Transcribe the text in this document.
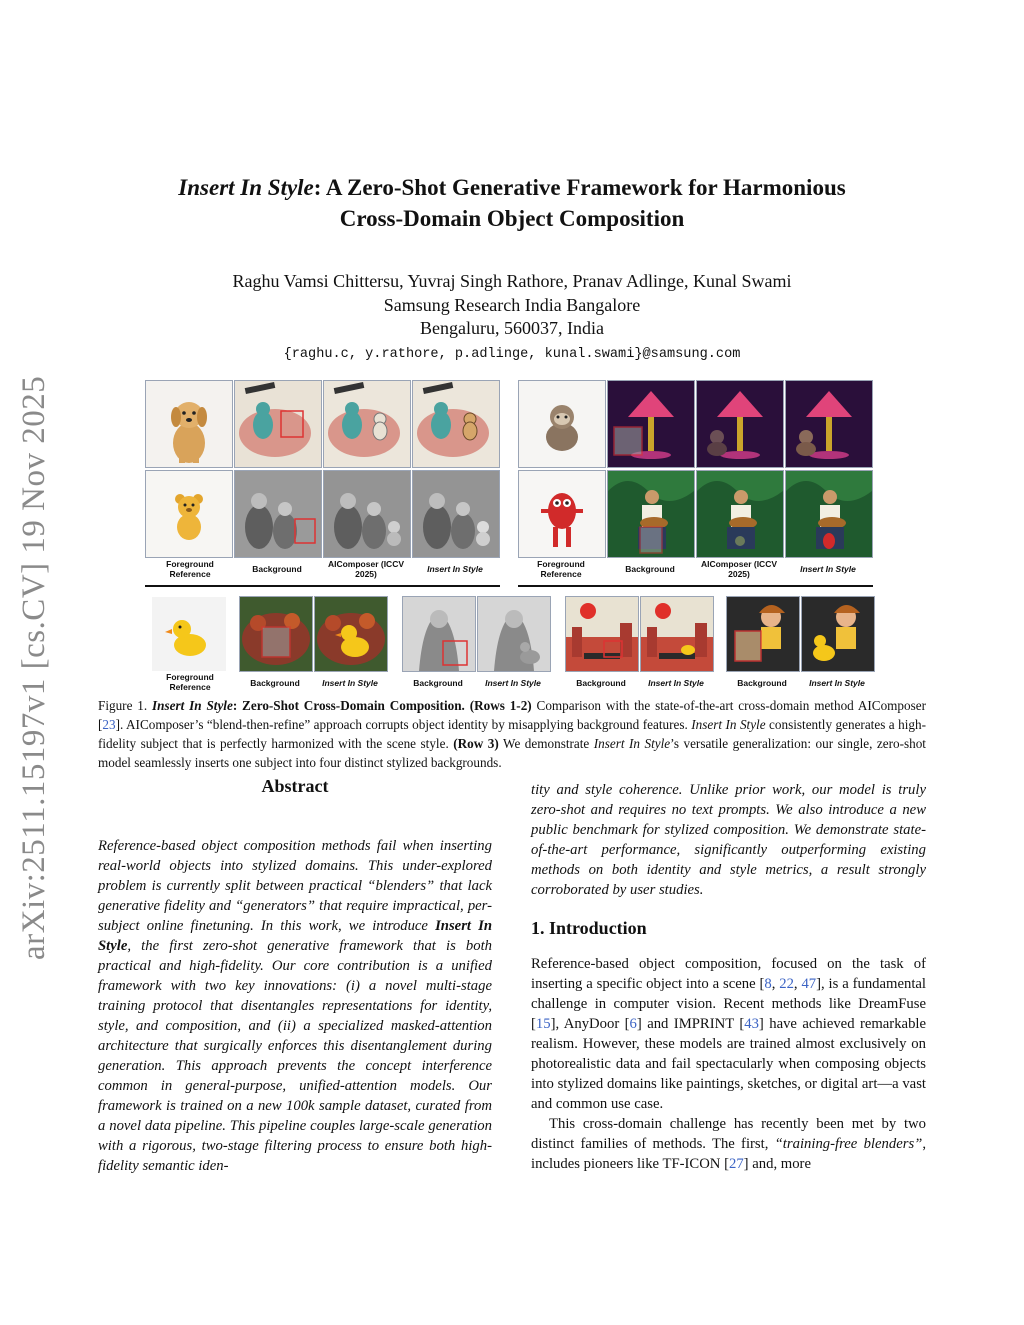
arXiv:2511.15197v1 [cs.CV] 19 Nov 2025
Insert In Style: A Zero-Shot Generative Framework for Harmonious
Cross-Domain Object Composition
Raghu Vamsi Chittersu, Yuvraj Singh Rathore, Pranav Adlinge, Kunal Swami
Samsung Research India Bangalore
Bengaluru, 560037, India
{raghu.c, y.rathore, p.adlinge, kunal.swami}@samsung.com
Foreground Reference	Background	AIComposer (ICCV 2025)	Insert In Style	Foreground Reference	Background	AIComposer (ICCV 2025)	Insert In Style
Foreground Reference	Background	Insert In Style	Background	Insert In Style	Background	Insert In Style	Background	Insert In Style
Figure 1. Insert In Style: Zero-Shot Cross-Domain Composition. (Rows 1-2) Comparison with the state-of-the-art cross-domain method AIComposer [23]. AIComposer’s “blend-then-refine” approach corrupts object identity by misapplying background features. Insert In Style consistently generates a high-fidelity subject that is perfectly harmonized with the scene style. (Row 3) We demonstrate Insert In Style’s versatile generalization: our single, zero-shot model seamlessly inserts one subject into four distinct stylized backgrounds.
Abstract
Reference-based object composition methods fail when inserting real-world objects into stylized domains. This under-explored problem is currently split between practical “blenders” that lack generative fidelity and “generators” that require impractical, per-subject online finetuning. In this work, we introduce Insert In Style, the first zero-shot generative framework that is both practical and high-fidelity. Our core contribution is a unified framework with two key innovations: (i) a novel multi-stage training protocol that disentangles representations for identity, style, and composition, and (ii) a specialized masked-attention architecture that surgically enforces this disentanglement during generation. This approach prevents the concept interference common in general-purpose, unified-attention models. Our framework is trained on a new 100k sample dataset, curated from a novel data pipeline. This pipeline couples large-scale generation with a rigorous, two-stage filtering process to ensure both high-fidelity semantic iden-
tity and style coherence. Unlike prior work, our model is truly zero-shot and requires no text prompts. We also introduce a new public benchmark for stylized composition. We demonstrate state-of-the-art performance, significantly outperforming existing methods on both identity and style metrics, a result strongly corroborated by user studies.
1. Introduction

Reference-based object composition, focused on the task of inserting a specific object into a scene [8, 22, 47], is a fundamental challenge in computer vision. Recent methods like DreamFuse [15], AnyDoor [6] and IMPRINT [43] have achieved remarkable realism. However, these models are trained almost exclusively on photorealistic data and fail spectacularly when composing objects into stylized domains like paintings, sketches, or digital art—a vast and common use case.

This cross-domain challenge has recently been met by two distinct families of methods. The first, “training-free blenders”, includes pioneers like TF-ICON [27] and, more
